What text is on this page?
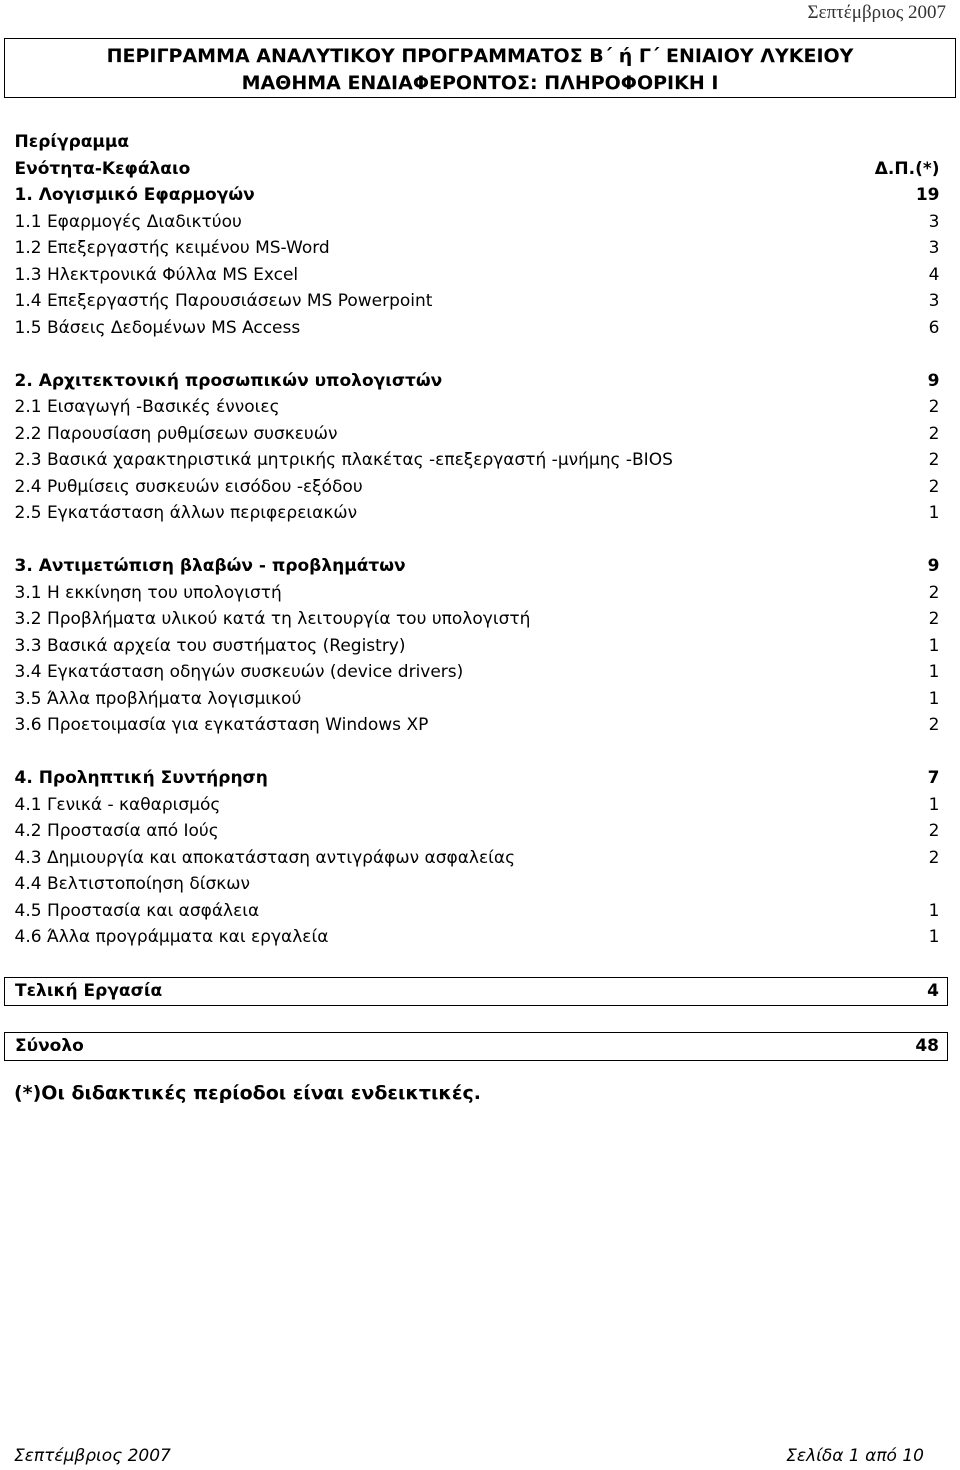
Σεπτέμβριος 2007
ΠΕΡΙΓΡΑΜΜΑ ΑΝΑΛΥΤΙΚΟΥ ΠΡΟΓΡΑΜΜΑΤΟΣ Β΄ ή Γ΄ ΕΝΙΑΙΟΥ ΛΥΚΕΙΟΥ
ΜΑΘΗΜΑ ΕΝΔΙΑΦΕΡΟΝΤΟΣ: ΠΛΗΡΟΦΟΡΙΚΗ Ι
Περίγραμμα	
Ενότητα-Κεφάλαιο	Δ.Π.(*)
1. Λογισμικό Εφαρμογών	19
1.1 Εφαρμογές Διαδικτύου	3
1.2 Επεξεργαστής κειμένου MS-Word	3
1.3 Ηλεκτρονικά Φύλλα MS Excel	4
1.4 Επεξεργαστής Παρουσιάσεων MS Powerpoint	3
1.5 Βάσεις Δεδομένων MS Access	6

2. Αρχιτεκτονική προσωπικών υπολογιστών	9
2.1 Εισαγωγή -Βασικές έννοιες	2
2.2 Παρουσίαση ρυθμίσεων συσκευών	2
2.3 Βασικά χαρακτηριστικά μητρικής πλακέτας -επεξεργαστή -μνήμης -BIOS	2
2.4 Ρυθμίσεις συσκευών εισόδου -εξόδου	2
2.5 Εγκατάσταση άλλων περιφερειακών	1

3. Αντιμετώπιση βλαβών - προβλημάτων	9
3.1 Η εκκίνηση του υπολογιστή	2
3.2 Προβλήματα υλικού κατά τη λειτουργία του υπολογιστή	2
3.3 Βασικά αρχεία του συστήματος (Registry)	1
3.4 Εγκατάσταση οδηγών συσκευών (device drivers)	1
3.5 Άλλα προβλήματα λογισμικού	1
3.6 Προετοιμασία για εγκατάσταση Windows XP	2

4. Προληπτική Συντήρηση	7
4.1 Γενικά - καθαρισμός	1
4.2 Προστασία από Ιούς	2
4.3 Δημιουργία και αποκατάσταση αντιγράφων ασφαλείας	2
4.4 Βελτιστοποίηση δίσκων	
4.5 Προστασία και ασφάλεια	1
4.6 Άλλα προγράμματα και εργαλεία	1

Τελική Εργασία	4

Σύνολο	48
(*)Οι διδακτικές περίοδοι είναι ενδεικτικές.
Σεπτέμβριος 2007	Σελίδα 1 από 10
